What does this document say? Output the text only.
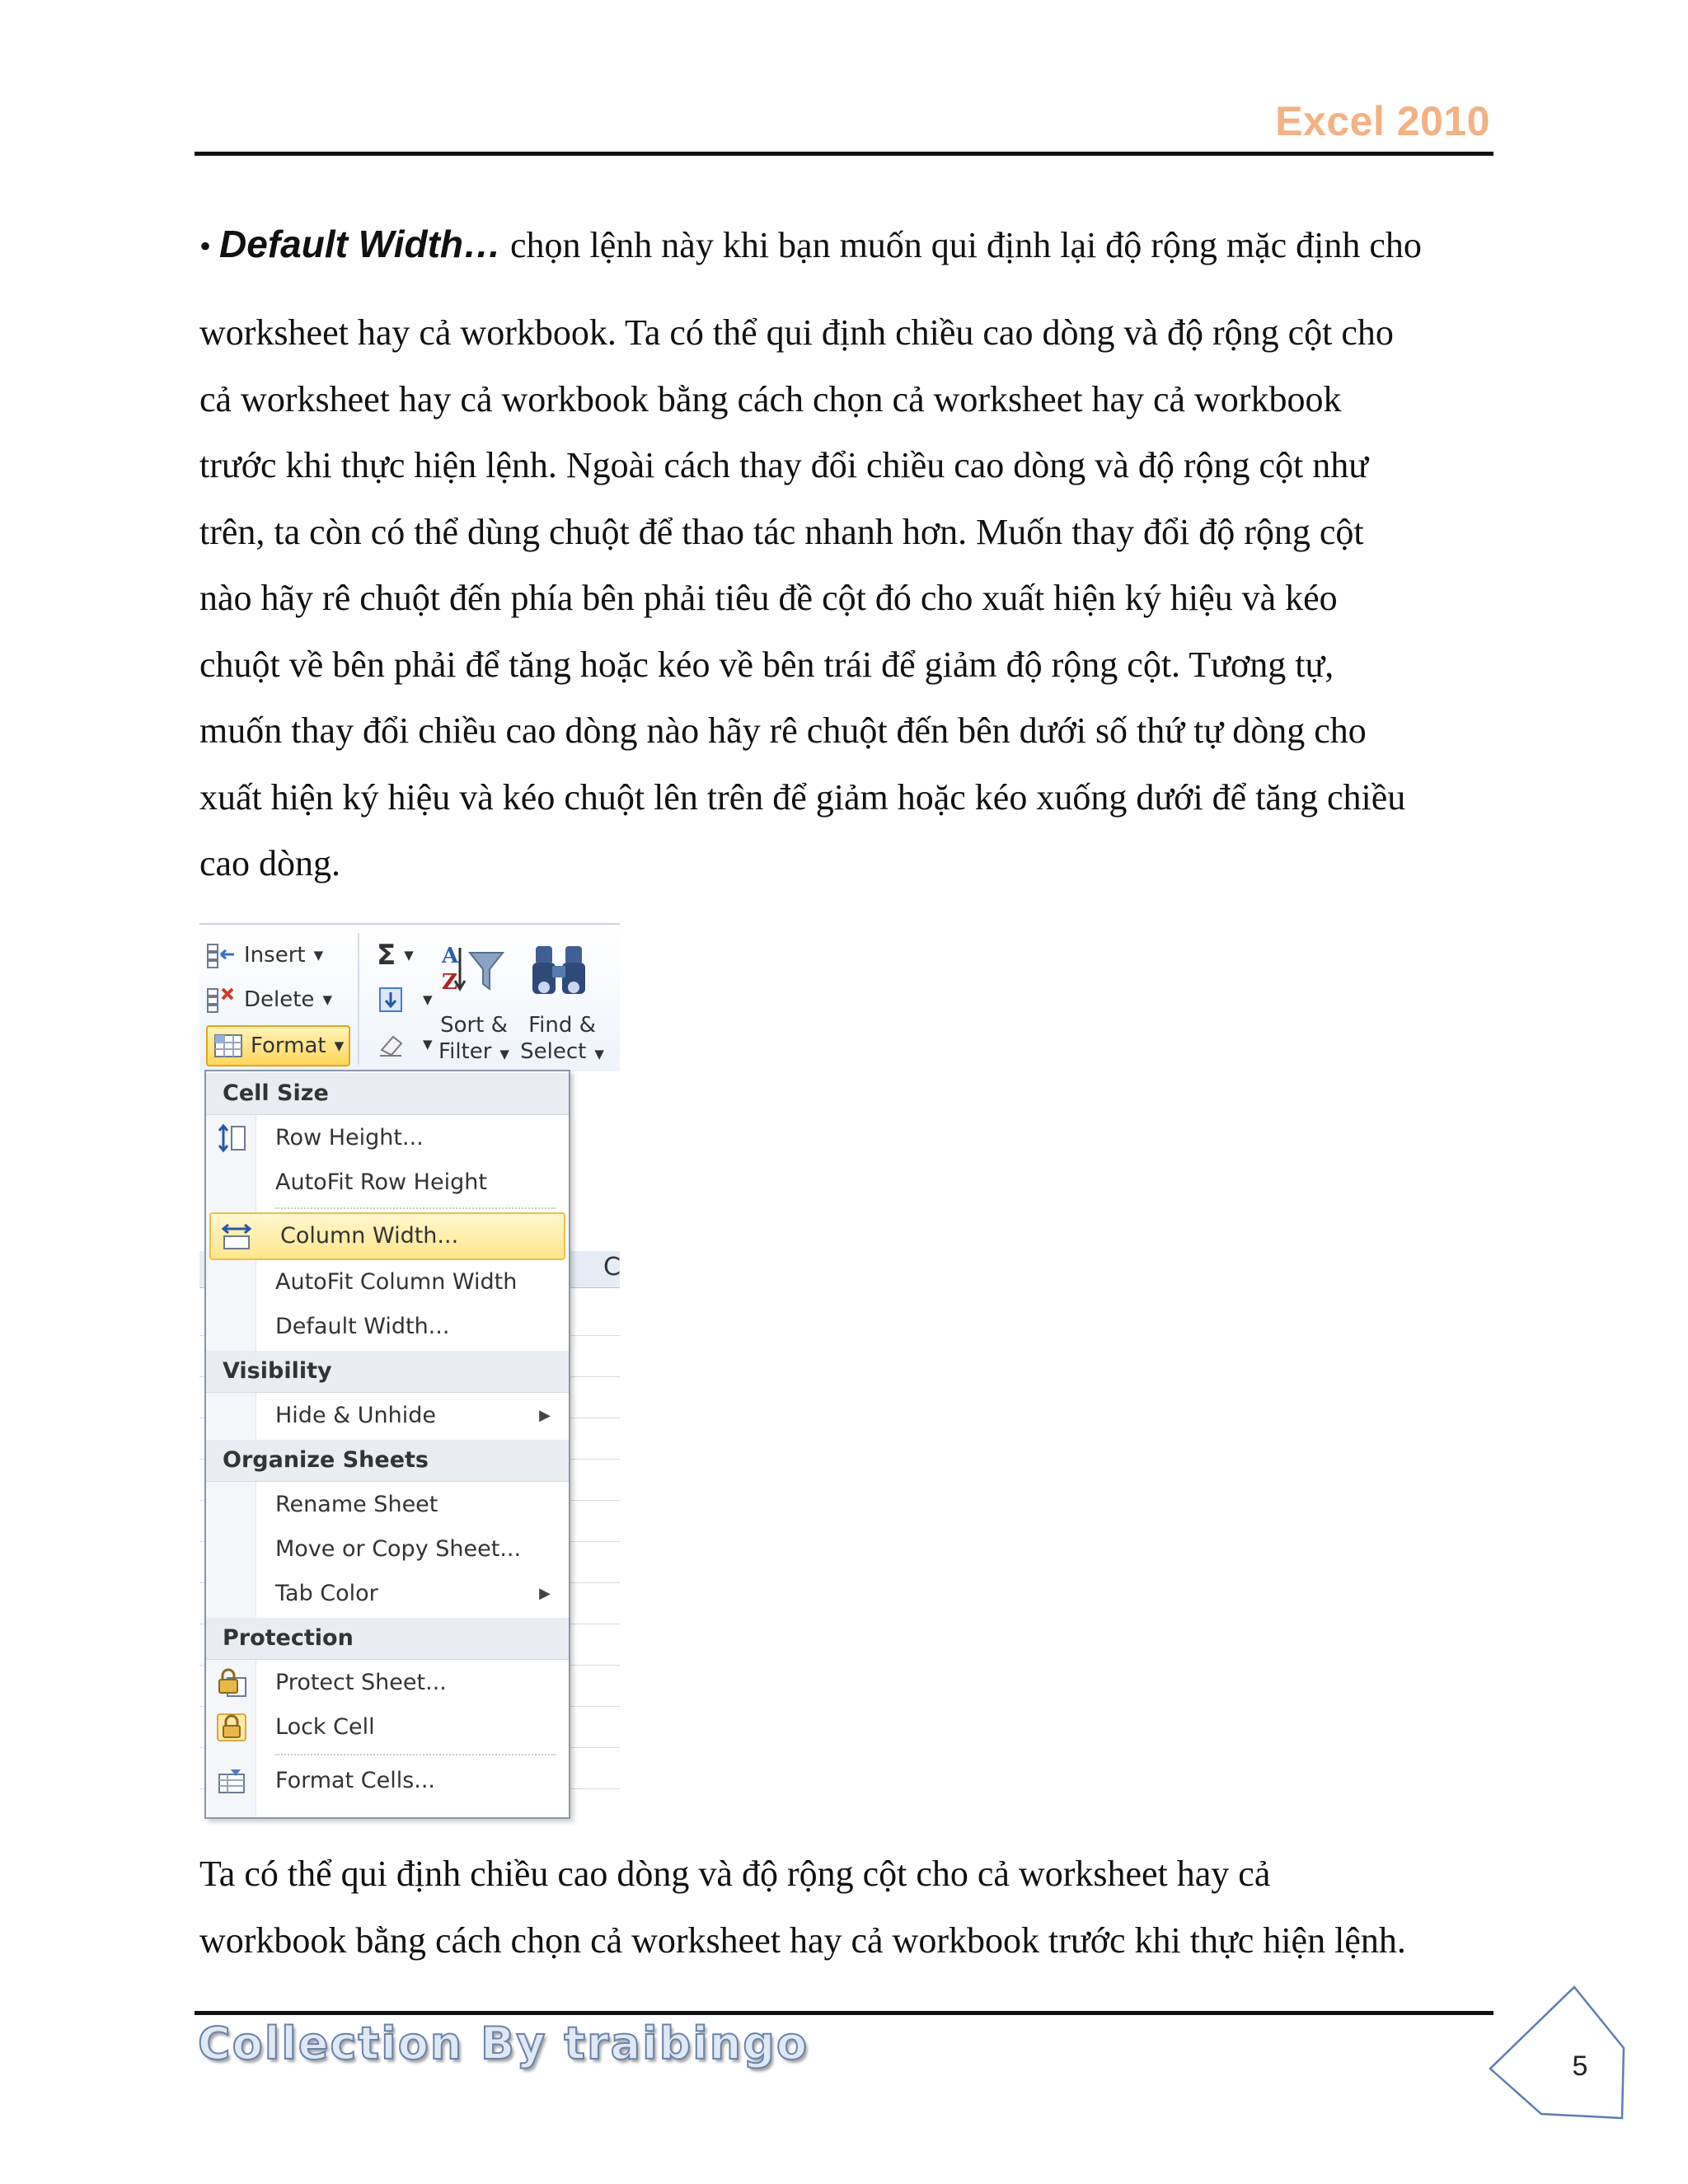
Excel 2010
• Default Width… chọn lệnh này khi bạn muốn qui định lại độ rộng mặc định cho
worksheet hay cả workbook. Ta có thể qui định chiều cao dòng và độ rộng cột cho
cả worksheet hay cả workbook bằng cách chọn cả worksheet hay cả workbook
trước khi thực hiện lệnh. Ngoài cách thay đổi chiều cao dòng và độ rộng cột như
trên, ta còn có thể dùng chuột để thao tác nhanh hơn. Muốn thay đổi độ rộng cột
nào hãy rê chuột đến phía bên phải tiêu đề cột đó cho xuất hiện ký hiệu và kéo
chuột về bên phải để tăng hoặc kéo về bên trái để giảm độ rộng cột. Tương tự,
muốn thay đổi chiều cao dòng nào hãy rê chuột đến bên dưới số thứ tự dòng cho
xuất hiện ký hiệu và kéo chuột lên trên để giảm hoặc kéo xuống dưới để tăng chiều
cao dòng.
Insert ▼
Delete ▼
Format ▼
Σ ▼
▼
▼
A
Z
Sort &
Filter ▼
Find &
Select ▼
C
Cell Size
Row Height...
AutoFit Row Height
Column Width...
AutoFit Column Width
Default Width...
Visibility
Hide & Unhide	▶
Organize Sheets
Rename Sheet
Move or Copy Sheet...
Tab Color	▶
Protection
Protect Sheet...
Lock Cell
Format Cells...
Ta có thể qui định chiều cao dòng và độ rộng cột cho cả worksheet hay cả
workbook bằng cách chọn cả worksheet hay cả workbook trước khi thực hiện lệnh.
Collection By traibingo	5
